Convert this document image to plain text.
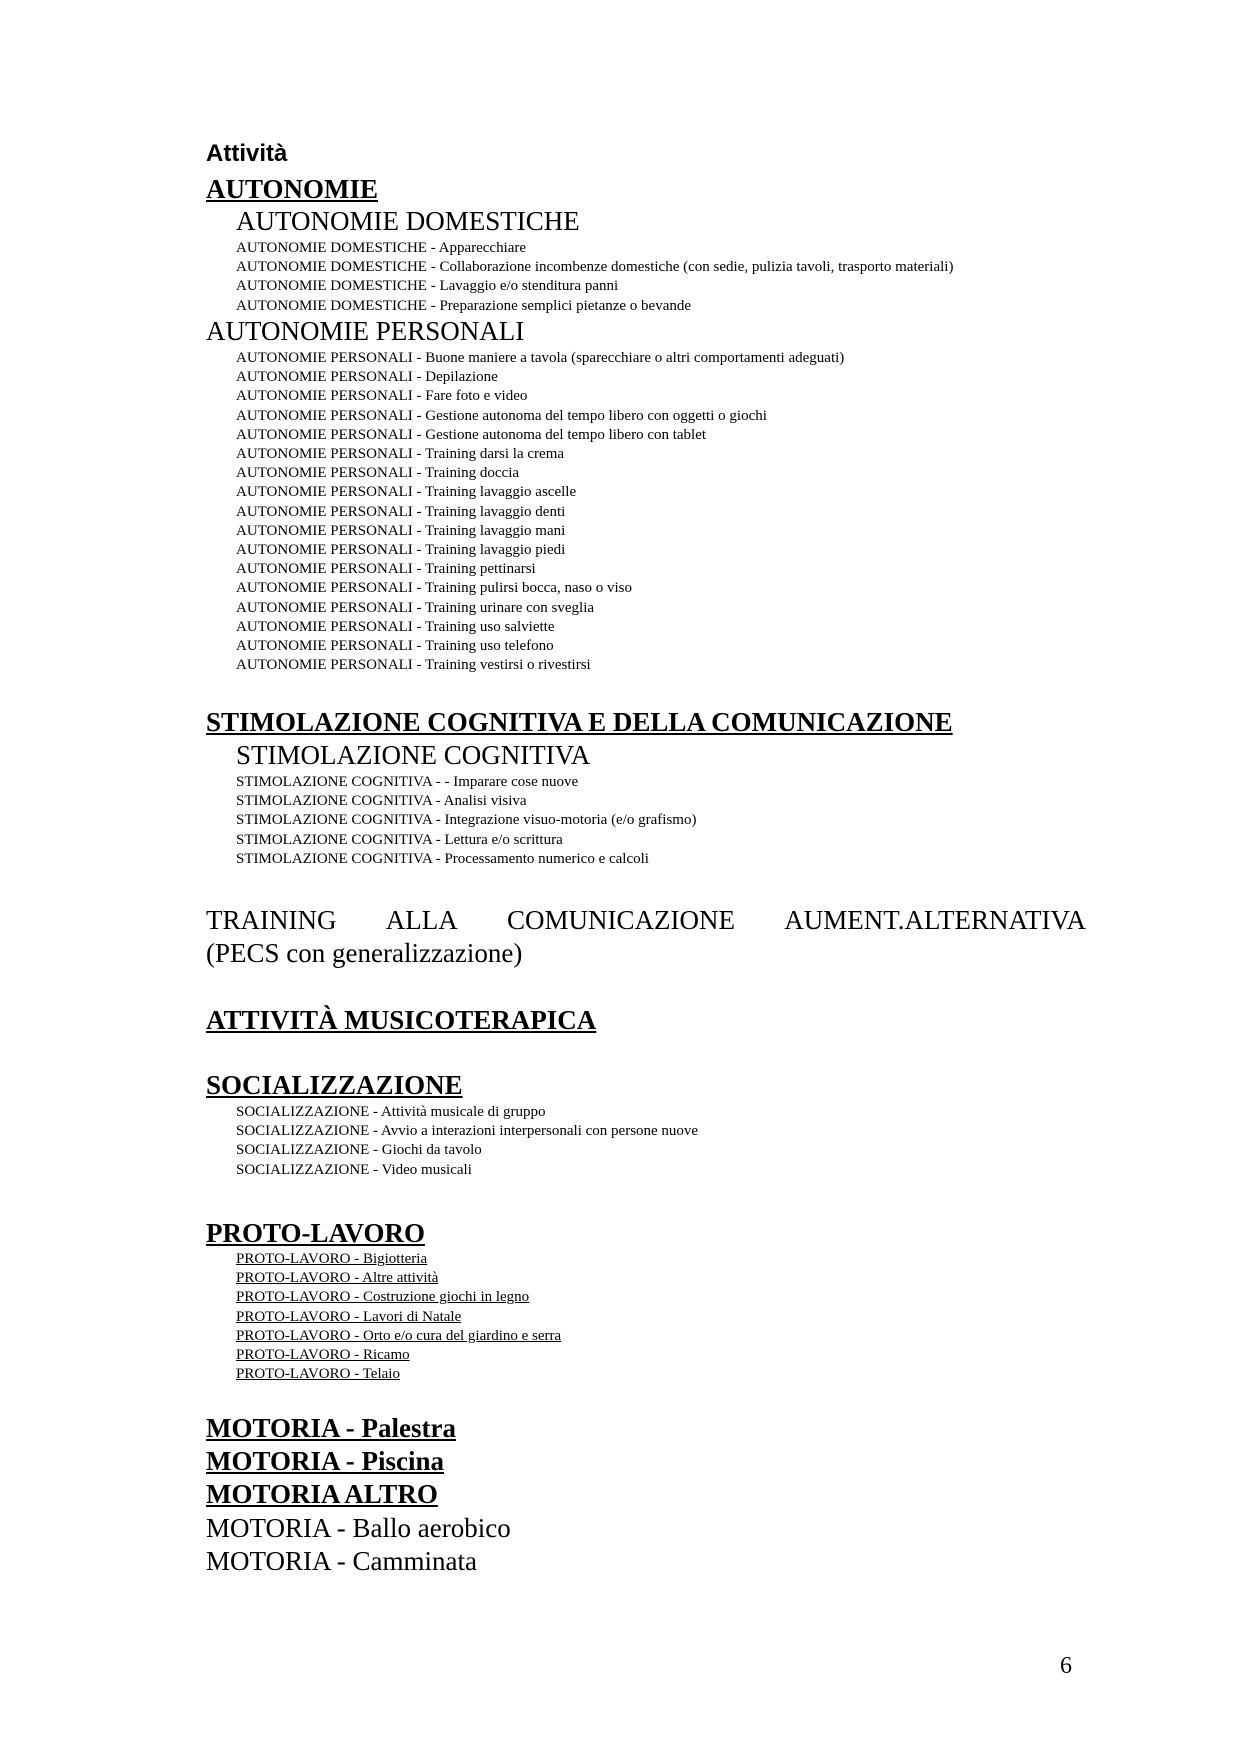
Attività
AUTONOMIE
AUTONOMIE DOMESTICHE
AUTONOMIE DOMESTICHE - Apparecchiare
AUTONOMIE DOMESTICHE - Collaborazione incombenze domestiche (con sedie, pulizia tavoli, trasporto materiali)
AUTONOMIE DOMESTICHE - Lavaggio e/o stenditura panni
AUTONOMIE DOMESTICHE - Preparazione semplici pietanze o bevande
AUTONOMIE PERSONALI
AUTONOMIE PERSONALI - Buone maniere a tavola (sparecchiare o altri comportamenti adeguati)
AUTONOMIE PERSONALI - Depilazione
AUTONOMIE PERSONALI - Fare foto e video
AUTONOMIE PERSONALI - Gestione autonoma del tempo libero con oggetti o giochi
AUTONOMIE PERSONALI - Gestione autonoma del tempo libero con tablet
AUTONOMIE PERSONALI - Training darsi la crema
AUTONOMIE PERSONALI - Training doccia
AUTONOMIE PERSONALI - Training lavaggio ascelle
AUTONOMIE PERSONALI - Training lavaggio denti
AUTONOMIE PERSONALI - Training lavaggio mani
AUTONOMIE PERSONALI - Training lavaggio piedi
AUTONOMIE PERSONALI - Training pettinarsi
AUTONOMIE PERSONALI - Training pulirsi bocca, naso o viso
AUTONOMIE PERSONALI - Training urinare con sveglia
AUTONOMIE PERSONALI - Training uso salviette
AUTONOMIE PERSONALI - Training uso telefono
AUTONOMIE PERSONALI - Training vestirsi o rivestirsi
STIMOLAZIONE COGNITIVA E DELLA COMUNICAZIONE
STIMOLAZIONE COGNITIVA
STIMOLAZIONE COGNITIVA - - Imparare cose nuove
STIMOLAZIONE COGNITIVA - Analisi visiva
STIMOLAZIONE COGNITIVA - Integrazione visuo-motoria (e/o grafismo)
STIMOLAZIONE COGNITIVA - Lettura e/o scrittura
STIMOLAZIONE COGNITIVA - Processamento numerico e calcoli
TRAINING ALLA COMUNICAZIONE AUMENT.ALTERNATIVA
(PECS con generalizzazione)
ATTIVITÀ MUSICOTERAPICA
SOCIALIZZAZIONE
SOCIALIZZAZIONE - Attività musicale di gruppo
SOCIALIZZAZIONE - Avvio a interazioni interpersonali con persone nuove
SOCIALIZZAZIONE - Giochi da tavolo
SOCIALIZZAZIONE - Video musicali
PROTO-LAVORO
PROTO-LAVORO - Bigiotteria
PROTO-LAVORO - Altre attività
PROTO-LAVORO - Costruzione giochi in legno
PROTO-LAVORO - Lavori di Natale
PROTO-LAVORO - Orto e/o cura del giardino e serra
PROTO-LAVORO - Ricamo
PROTO-LAVORO - Telaio
MOTORIA - Palestra
MOTORIA - Piscina
MOTORIA ALTRO
MOTORIA - Ballo aerobico
MOTORIA - Camminata
6
